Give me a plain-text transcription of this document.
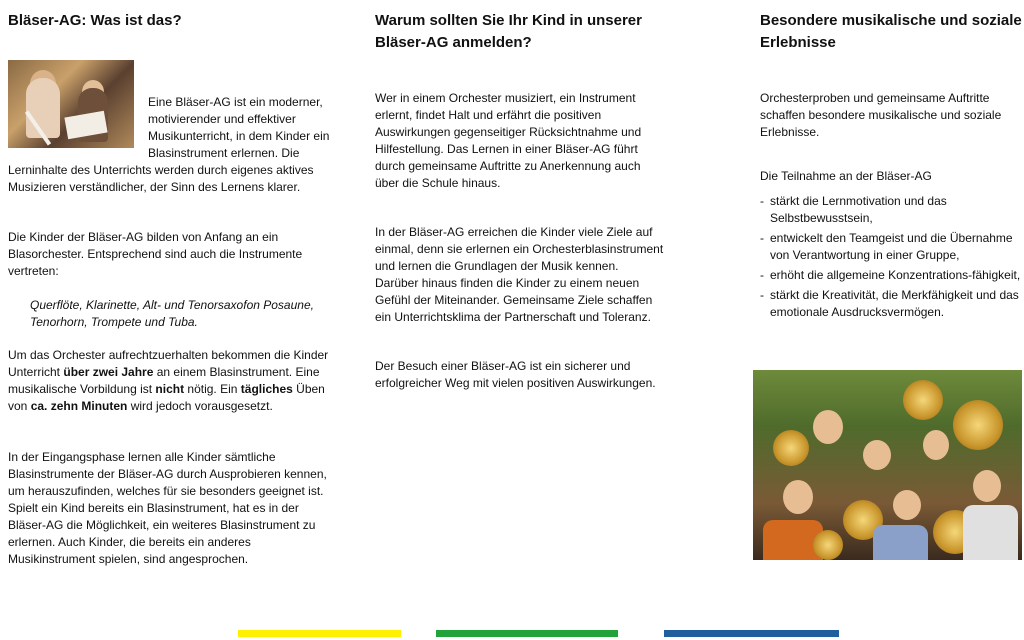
Bläser-AG: Was ist das?

Eine Bläser-AG ist ein moderner, motivierender und effektiver Musikunterricht, in dem Kinder ein Blasinstrument erlernen. Die Lerninhalte des Unterrichts werden durch eigenes aktives Musizieren verständlicher, der Sinn des Lernens klarer.

Die Kinder der Bläser-AG bilden von Anfang an ein Blasorchester. Entsprechend sind auch die Instrumente vertreten:

Querflöte, Klarinette, Alt- und Tenorsaxofon Posaune, Tenorhorn, Trompete und Tuba.

Um das Orchester aufrechtzuerhalten bekommen die Kinder Unterricht über zwei Jahre an einem Blasinstrument. Eine musikalische Vorbildung ist nicht nötig. Ein tägliches Üben von ca. zehn Minuten wird jedoch vorausgesetzt.

In der Eingangsphase lernen alle Kinder sämtliche Blasinstrumente der Bläser-AG durch Ausprobieren kennen, um herauszufinden, welches für sie besonders geeignet ist. Spielt ein Kind bereits ein Blasinstrument, hat es in der Bläser-AG die Möglichkeit, ein weiteres Blasinstrument zu erlernen. Auch Kinder, die bereits ein anderes Musikinstrument spielen, sind angesprochen.

Warum sollten Sie Ihr Kind in unserer Bläser-AG anmelden?

Wer in einem Orchester musiziert, ein Instrument erlernt, findet Halt und erfährt die positiven Auswirkungen gegenseitiger Rücksichtnahme und Hilfestellung. Das Lernen in einer Bläser-AG führt durch gemeinsame Auftritte zu Anerkennung auch über die Schule hinaus.

In der Bläser-AG erreichen die Kinder viele Ziele auf einmal, denn sie erlernen ein Orchesterblasinstrument und lernen die Grundlagen der Musik kennen. Darüber hinaus finden die Kinder zu einem neuen Gefühl der Miteinander. Gemeinsame Ziele schaffen ein Unterrichtsklima der Partnerschaft und Toleranz.

Der Besuch einer Bläser-AG ist ein sicherer und erfolgreicher Weg mit vielen positiven Auswirkungen.

Besondere musikalische und soziale Erlebnisse

Orchesterproben und gemeinsame Auftritte schaffen besondere musikalische und soziale Erlebnisse.

Die Teilnahme an der Bläser-AG

- stärkt die Lernmotivation und das Selbstbewusstsein,
- entwickelt den Teamgeist und die Übernahme von Verantwortung in einer Gruppe,
- erhöht die allgemeine Konzentrations-fähigkeit,
- stärkt die Kreativität, die Merkfähigkeit und das emotionale Ausdrucksvermögen.
